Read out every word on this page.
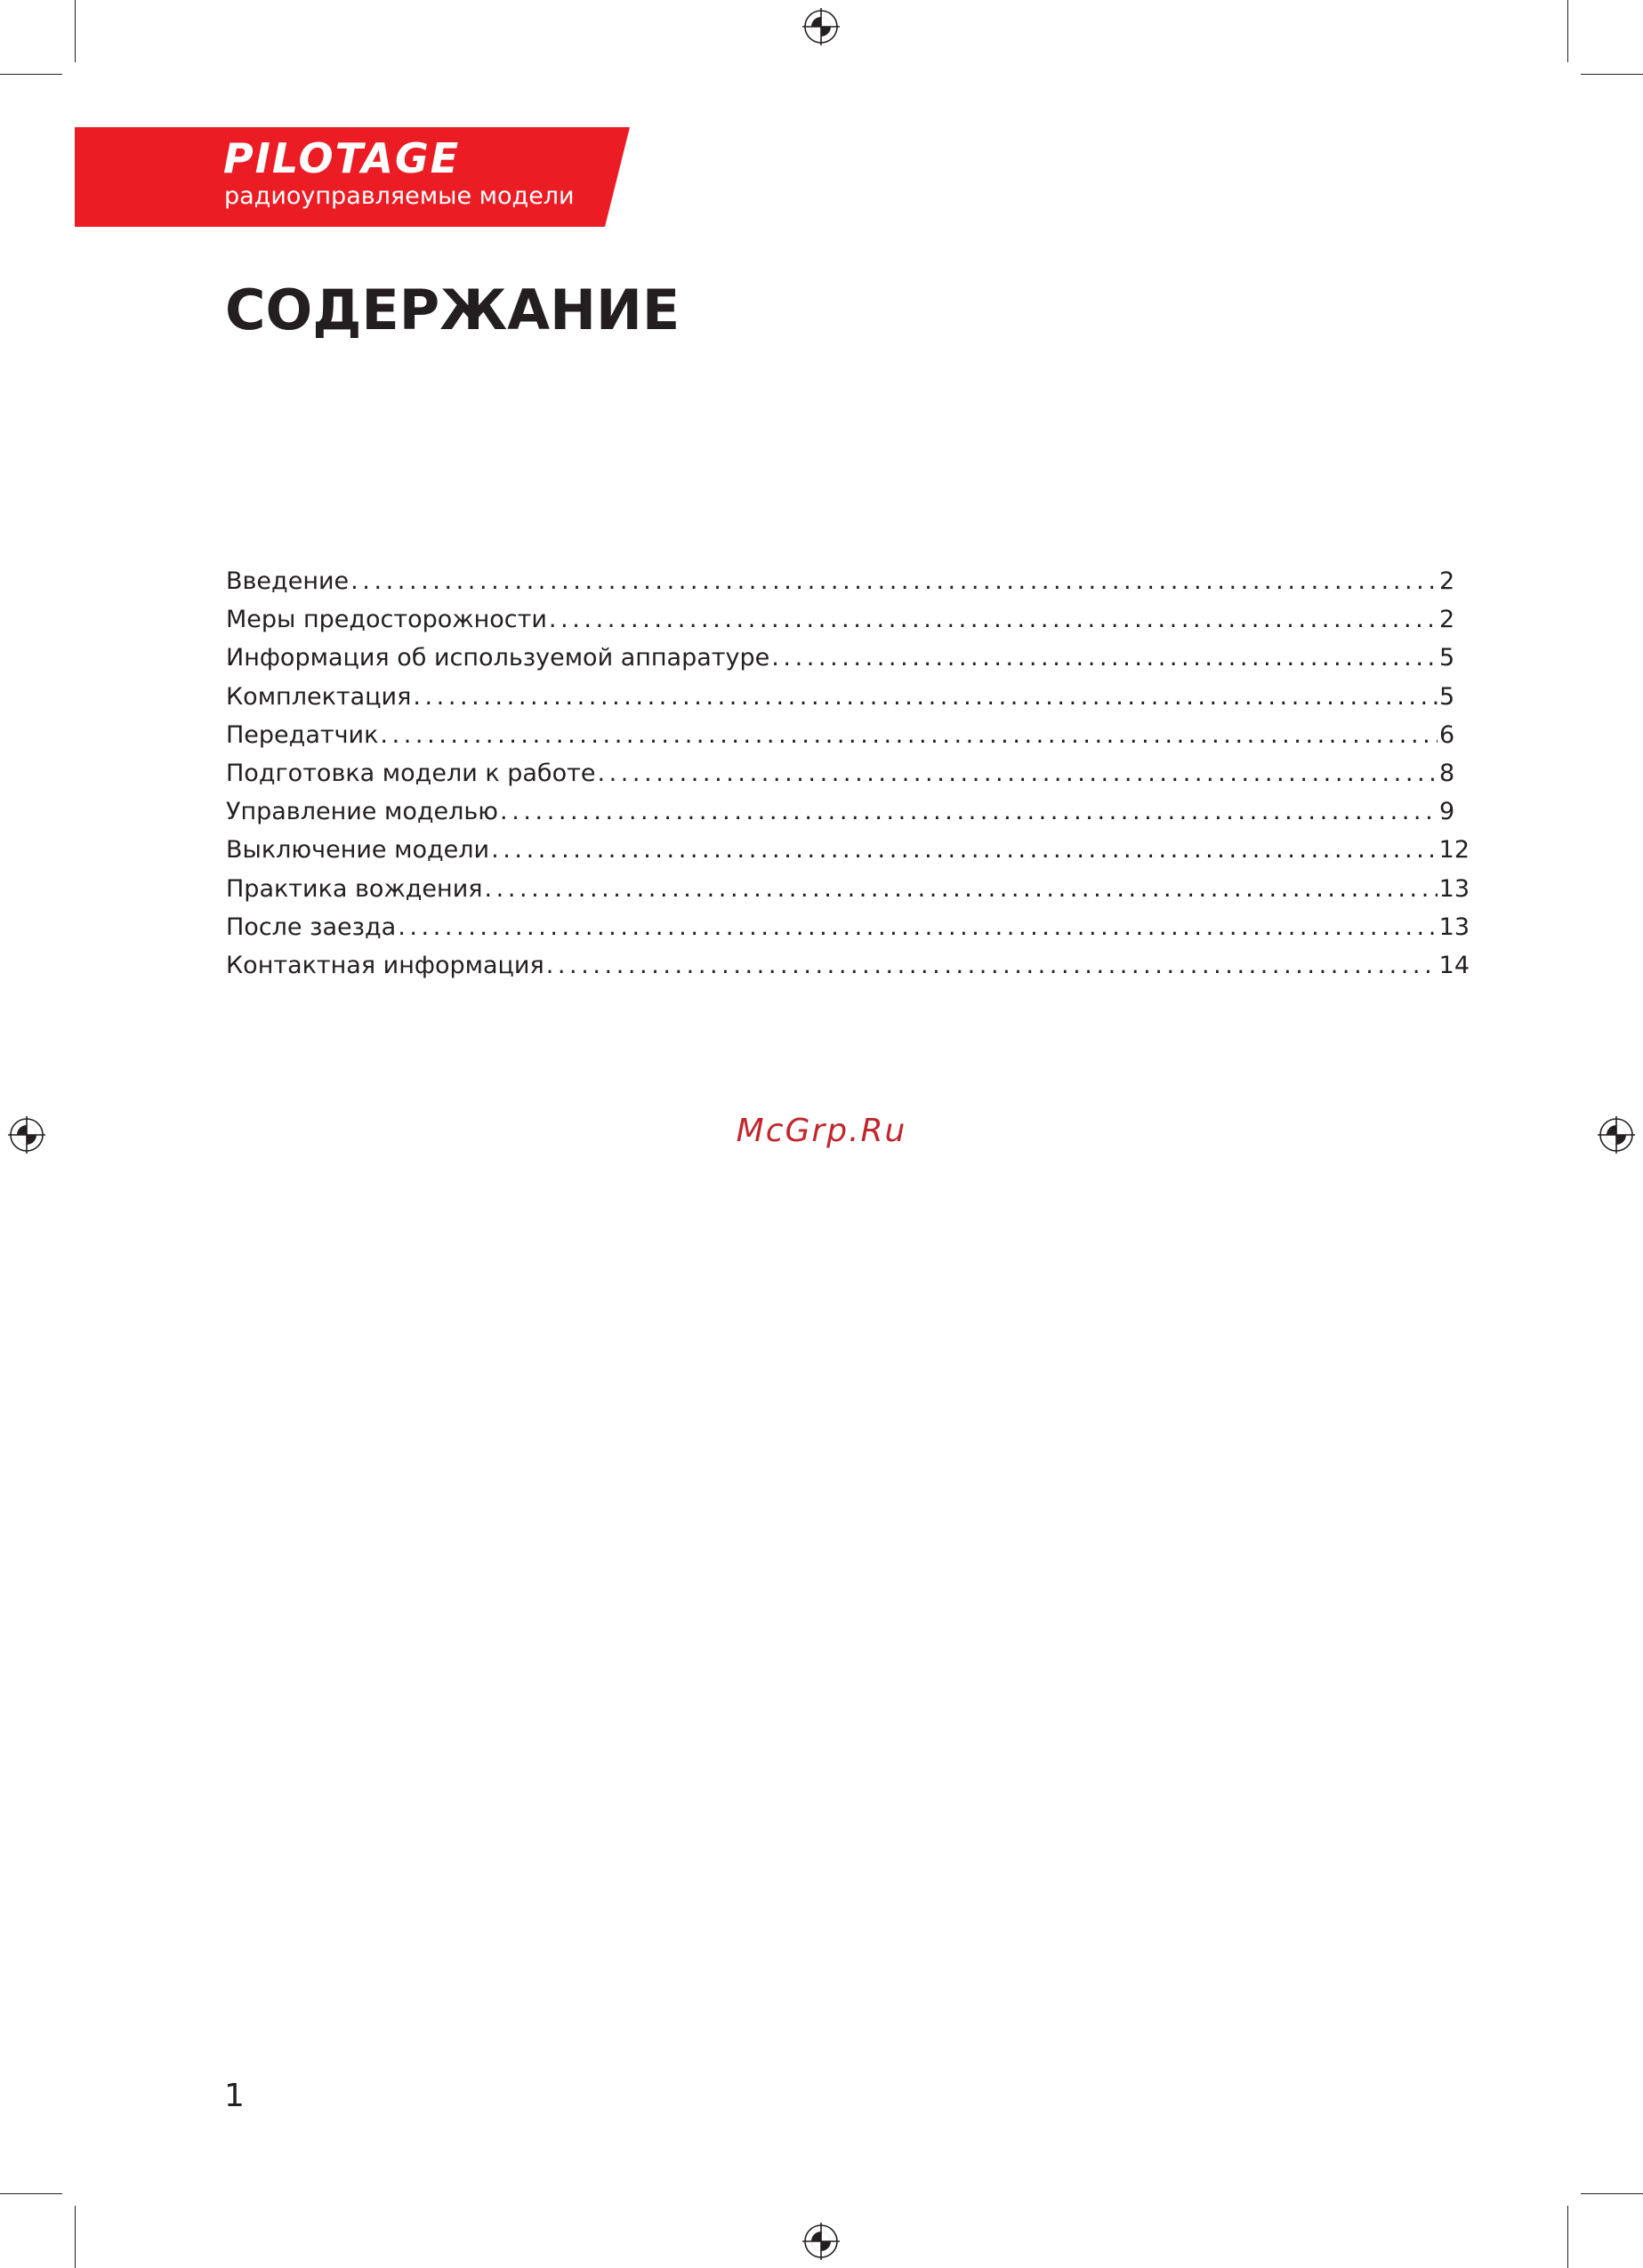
PILOTAGE
радиоуправляемые модели
СОДЕРЖАНИЕ
Введение . . .	2
Меры предосторожности . . .	2
Информация об используемой аппаратуре . . .	5
Комплектация . . .	5
Передатчик . . .	6
Подготовка модели к работе . . .	8
Управление моделью . . .	9
Выключение модели . . .	12
Практика вождения . . .	13
После заезда . . .	13
Контактная информация . . .	14
McGrp.Ru
1
